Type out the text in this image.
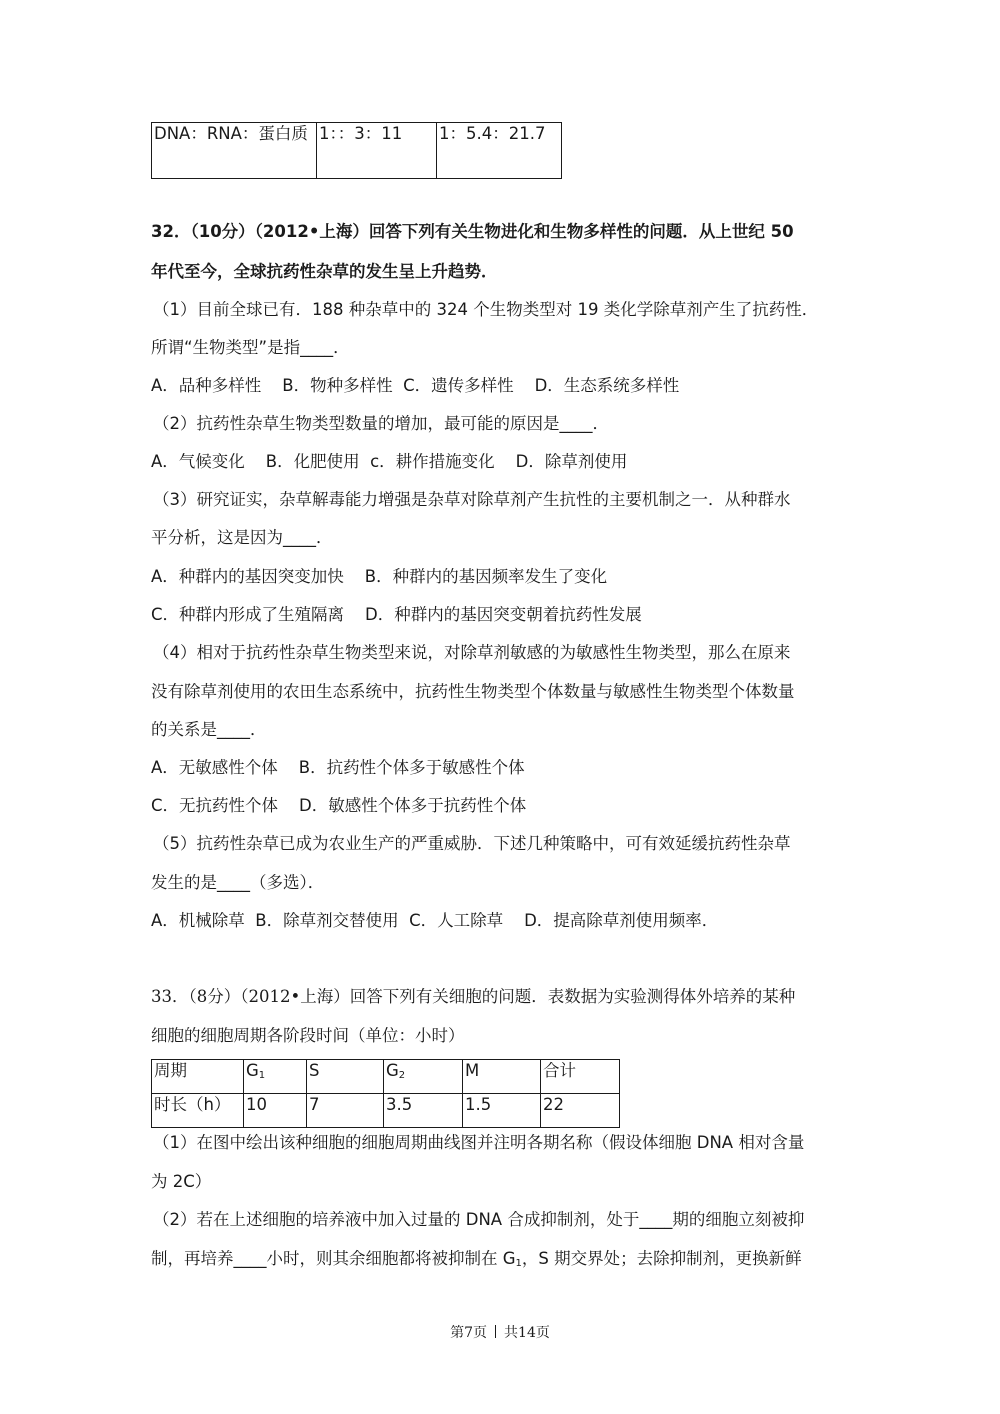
DNA：RNA：蛋白质	1：：3：11	1：5.4：21.7
32．（10分）（2012•上海）回答下列有关生物进化和生物多样性的问题．从上世纪 50
年代至今，全球抗药性杂草的发生呈上升趋势．
（1）目前全球已有．188 种杂草中的 324 个生物类型对 19 类化学除草剂产生了抗药性．
所谓“生物类型”是指____．
A．品种多样性    B．物种多样性  C．遗传多样性    D．生态系统多样性
（2）抗药性杂草生物类型数量的增加，最可能的原因是____．
A．气候变化    B．化肥使用  c．耕作措施变化    D．除草剂使用
（3）研究证实，杂草解毒能力增强是杂草对除草剂产生抗性的主要机制之一．从种群水
平分析，这是因为____．
A．种群内的基因突变加快    B．种群内的基因频率发生了变化
C．种群内形成了生殖隔离    D．种群内的基因突变朝着抗药性发展
（4）相对于抗药性杂草生物类型来说，对除草剂敏感的为敏感性生物类型，那么在原来
没有除草剂使用的农田生态系统中，抗药性生物类型个体数量与敏感性生物类型个体数量
的关系是____．
A．无敏感性个体    B．抗药性个体多于敏感性个体
C．无抗药性个体    D．敏感性个体多于抗药性个体
（5）抗药性杂草已成为农业生产的严重威胁．下述几种策略中，可有效延缓抗药性杂草
发生的是____（多选）．
A．机械除草  B．除草剂交替使用  C．人工除草    D．提高除草剂使用频率．
33．（8分）（2012•上海）回答下列有关细胞的问题．表数据为实验测得体外培养的某种
细胞的细胞周期各阶段时间（单位：小时）
周期	$G_1$	S	$G_2$	M	合计
时长（h）	10	7	3.5	1.5	22
（1）在图中绘出该种细胞的细胞周期曲线图并注明各期名称（假设体细胞 DNA 相对含量
为 2C）
（2）若在上述细胞的培养液中加入过量的 DNA 合成抑制剂，处于____期的细胞立刻被抑
制，再培养____小时，则其余细胞都将被抑制在 $G_1$，S 期交界处；去除抑制剂，更换新鲜
第7页 共14页
